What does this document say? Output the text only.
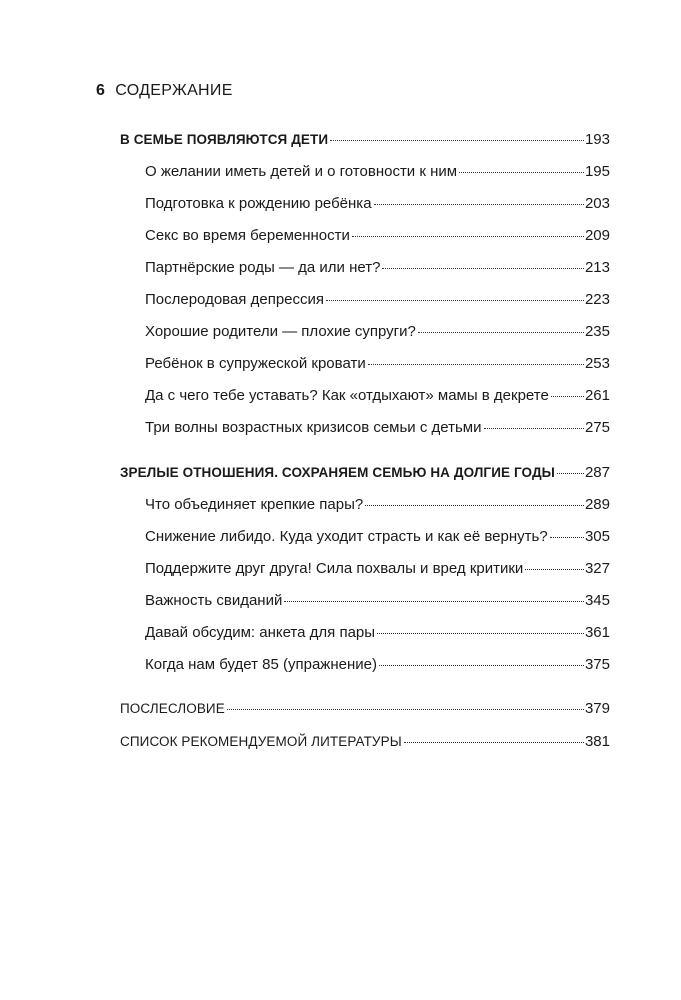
6 СОДЕРЖАНИЕ
В СЕМЬЕ ПОЯВЛЯЮТСЯ ДЕТИ	193
О желании иметь детей и о готовности к ним	195
Подготовка к рождению ребёнка	203
Секс во время беременности	209
Партнёрские роды — да или нет?	213
Послеродовая депрессия	223
Хорошие родители — плохие супруги?	235
Ребёнок в супружеской кровати	253
Да с чего тебе уставать? Как «отдыхают» мамы в декрете 261
Три волны возрастных кризисов семьи с детьми	275
ЗРЕЛЫЕ ОТНОШЕНИЯ. СОХРАНЯЕМ СЕМЬЮ НА ДОЛГИЕ ГОДЫ 287
Что объединяет крепкие пары?	289
Снижение либидо. Куда уходит страсть и как её вернуть? 305
Поддержите друг друга! Сила похвалы и вред критики	327
Важность свиданий	345
Давай обсудим: анкета для пары	361
Когда нам будет 85 (упражнение)	375
ПОСЛЕСЛОВИЕ	379
СПИСОК РЕКОМЕНДУЕМОЙ ЛИТЕРАТУРЫ	381
